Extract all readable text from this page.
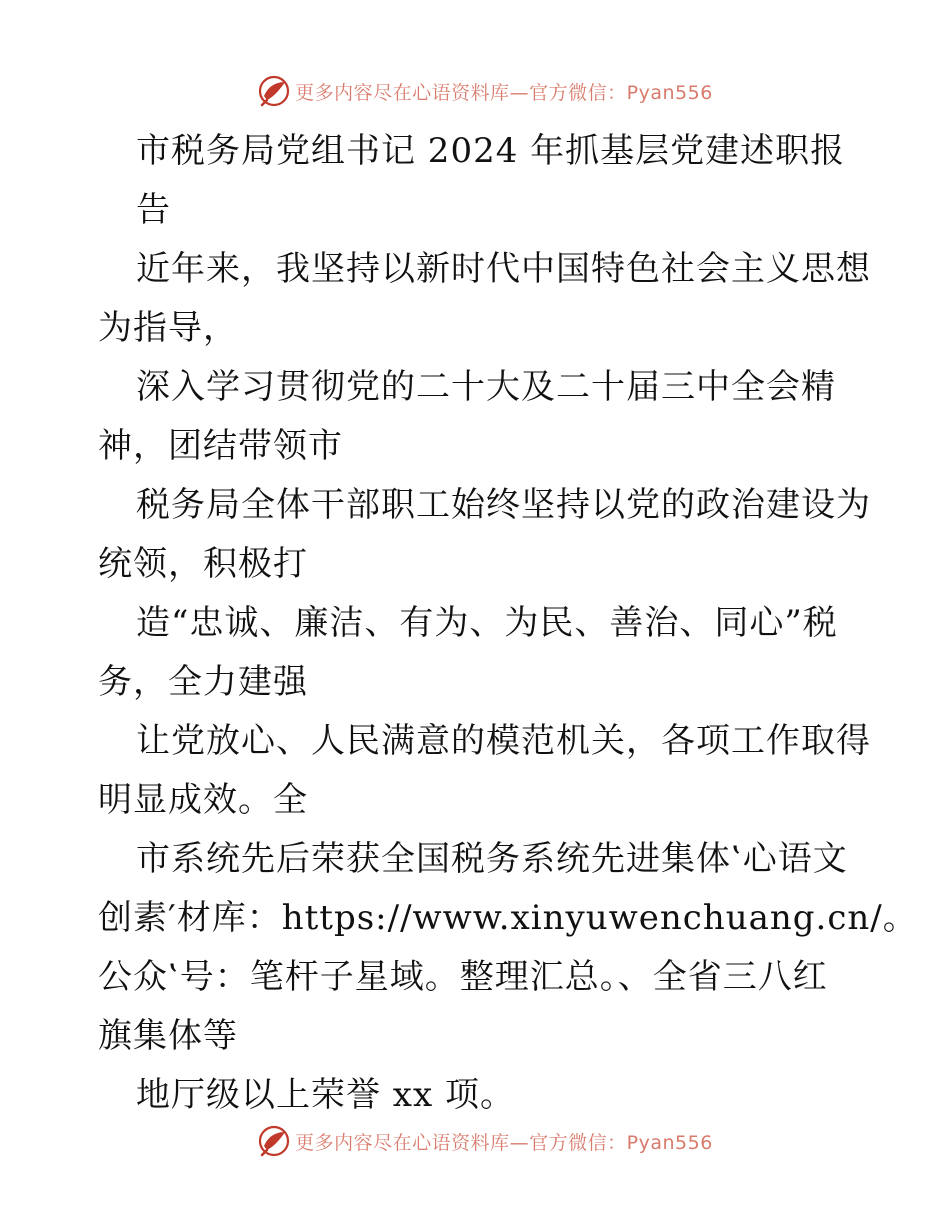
更多内容尽在心语资料库—官方微信：Pyan556
市税务局党组书记 2024 年抓基层党建述职报
告
近年来，我坚持以新时代中国特色社会主义思想
为指导，
深入学习贯彻党的二十大及二十届三中全会精
神，团结带领市
税务局全体干部职工始终坚持以党的政治建设为
统领，积极打
造“忠诚、廉洁、有为、为民、善治、同心”税
务，全力建强
让党放心、人民满意的模范机关，各项工作取得
明显成效。全
市系统先后荣获全国税务系统先进集体‛心语文
创素′材库：https://www.xinyuwenchuang.cn/。
公众‛号：笔杆子星域。整理汇总。、全省三八红
旗集体等
地厅级以上荣誉 xx 项。
更多内容尽在心语资料库—官方微信：Pyan556
